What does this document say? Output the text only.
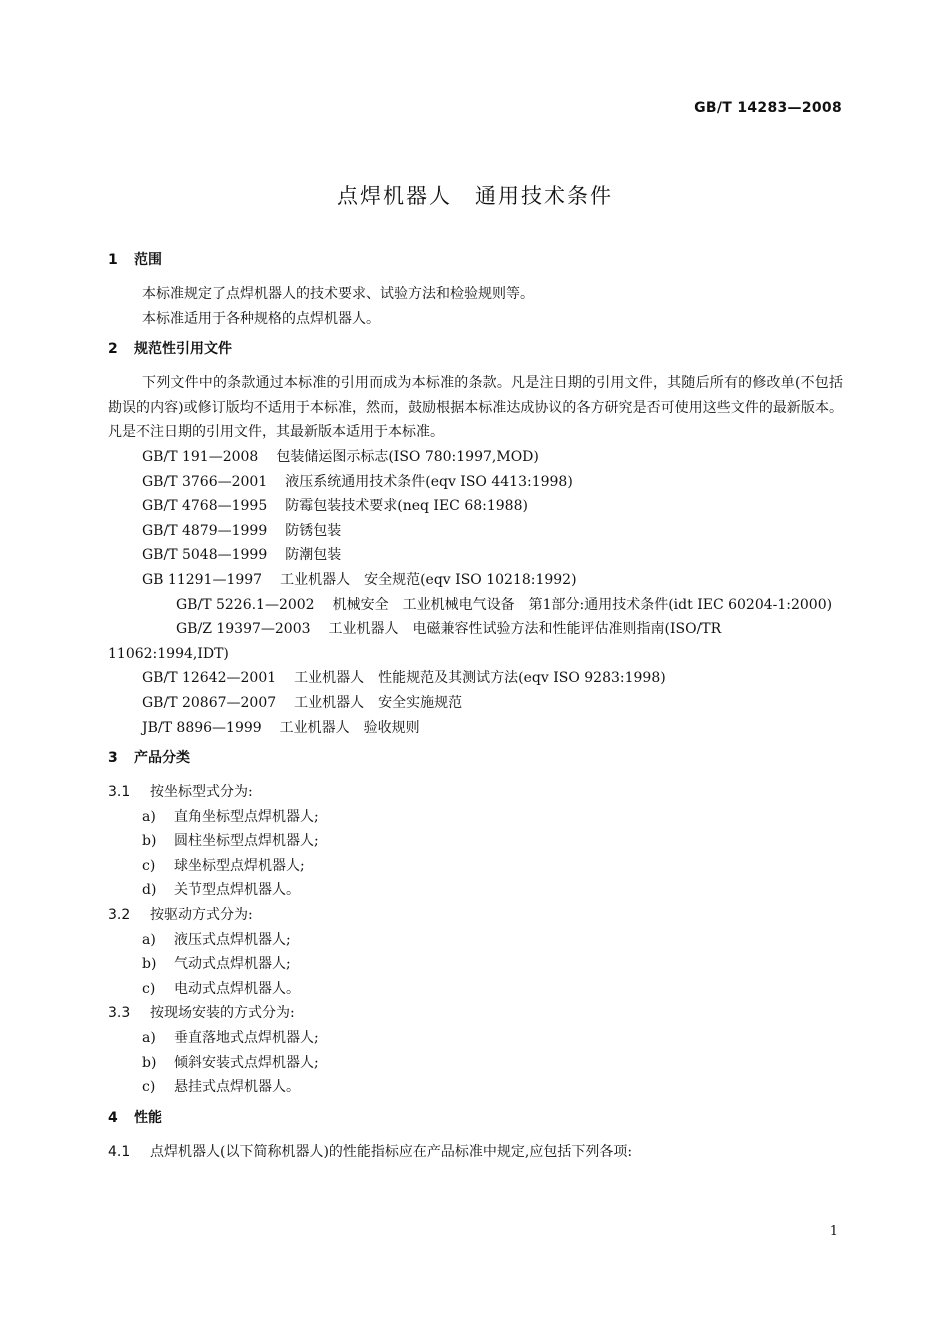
GB/T 14283—2008
点焊机器人　通用技术条件
1 范围

本标准规定了点焊机器人的技术要求、试验方法和检验规则等。

本标准适用于各种规格的点焊机器人。

2 规范性引用文件

下列文件中的条款通过本标准的引用而成为本标准的条款。凡是注日期的引用文件，其随后所有的修改单(不包括勘误的内容)或修订版均不适用于本标准，然而，鼓励根据本标准达成协议的各方研究是否可使用这些文件的最新版本。凡是不注日期的引用文件，其最新版本适用于本标准。

GB/T 191—2008 包装储运图示标志(ISO 780:1997,MOD)
GB/T 3766—2001 液压系统通用技术条件(eqv ISO 4413:1998)
GB/T 4768—1995 防霉包装技术要求(neq IEC 68:1988)
GB/T 4879—1999 防锈包装
GB/T 5048—1999 防潮包装
GB 11291—1997 工业机器人　安全规范(eqv ISO 10218:1992)
GB/T 5226.1—2002 机械安全　工业机械电气设备　第1部分:通用技术条件(idt IEC 60204-1:2000)
GB/Z 19397—2003 工业机器人　电磁兼容性试验方法和性能评估准则指南(ISO/TR 11062:1994,IDT)
GB/T 12642—2001 工业机器人　性能规范及其测试方法(eqv ISO 9283:1998)
GB/T 20867—2007 工业机器人　安全实施规范
JB/T 8896—1999 工业机器人　验收规则
3 产品分类
3.1 按坐标型式分为:
a) 直角坐标型点焊机器人;
b) 圆柱坐标型点焊机器人;
c) 球坐标型点焊机器人;
d) 关节型点焊机器人。
3.2 按驱动方式分为:
a) 液压式点焊机器人;
b) 气动式点焊机器人;
c) 电动式点焊机器人。
3.3 按现场安装的方式分为:
a) 垂直落地式点焊机器人;
b) 倾斜安装式点焊机器人;
c) 悬挂式点焊机器人。
4 性能
4.1 点焊机器人(以下简称机器人)的性能指标应在产品标准中规定,应包括下列各项:
1
